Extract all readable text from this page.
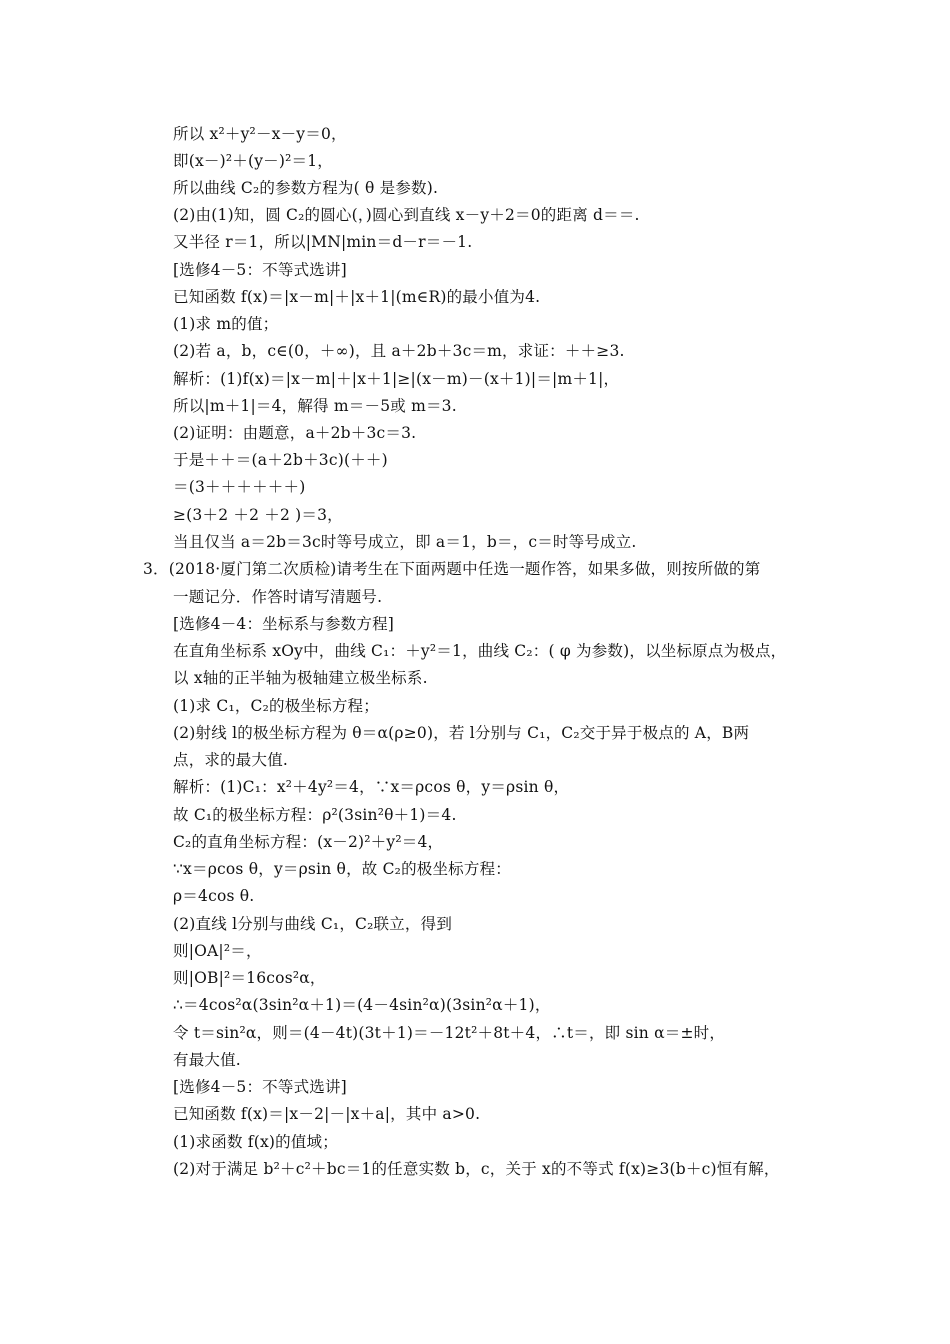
所以 x²＋y²－x－y＝0，
即(x－)²＋(y－)²＝1，
所以曲线 C₂的参数方程为( θ 是参数).
(2)由(1)知，圆 C₂的圆心(，)圆心到直线 x－y＋2＝0的距离 d＝＝.
又半径 r＝1，所以|MN|min＝d－r＝－1.
[选修4－5：不等式选讲]
已知函数 f(x)＝|x－m|＋|x＋1|(m∈R)的最小值为4.
(1)求 m的值；
(2)若 a，b，c∈(0，＋∞)，且 a＋2b＋3c＝m，求证：＋＋≥3.
解析：(1)f(x)＝|x－m|＋|x＋1|≥|(x－m)－(x＋1)|＝|m＋1|，
所以|m＋1|＝4，解得 m＝－5或 m＝3.
(2)证明：由题意，a＋2b＋3c＝3.
于是＋＋＝(a＋2b＋3c)(＋＋)
＝(3＋＋＋＋＋＋)
≥(3＋2 ＋2 ＋2 )＝3，
当且仅当 a＝2b＝3c时等号成立，即 a＝1，b＝，c＝时等号成立.
3．(2018·厦门第二次质检)请考生在下面两题中任选一题作答，如果多做，则按所做的第
一题记分．作答时请写清题号.
[选修4－4：坐标系与参数方程]
在直角坐标系 xOy中，曲线 C₁：＋y²＝1，曲线 C₂：( φ 为参数)，以坐标原点为极点，
以 x轴的正半轴为极轴建立极坐标系.
(1)求 C₁，C₂的极坐标方程；
(2)射线 l的极坐标方程为 θ＝α(ρ≥0)，若 l分别与 C₁，C₂交于异于极点的 A，B两
点，求的最大值.
解析：(1)C₁：x²＋4y²＝4，∵x＝ρcos θ，y＝ρsin θ，
故 C₁的极坐标方程：ρ²(3sin²θ＋1)＝4.
C₂的直角坐标方程：(x－2)²＋y²＝4，
∵x＝ρcos θ，y＝ρsin θ，故 C₂的极坐标方程：
ρ＝4cos θ.
(2)直线 l分别与曲线 C₁，C₂联立，得到
则|OA|²＝，
则|OB|²＝16cos²α，
∴＝4cos²α(3sin²α＋1)＝(4－4sin²α)(3sin²α＋1)，
令 t＝sin²α，则＝(4－4t)(3t＋1)＝－12t²＋8t＋4，∴t＝，即 sin α＝±时，
有最大值.
[选修4－5：不等式选讲]
已知函数 f(x)＝|x－2|－|x＋a|，其中 a>0.
(1)求函数 f(x)的值域；
(2)对于满足 b²＋c²＋bc＝1的任意实数 b，c，关于 x的不等式 f(x)≥3(b＋c)恒有解，
